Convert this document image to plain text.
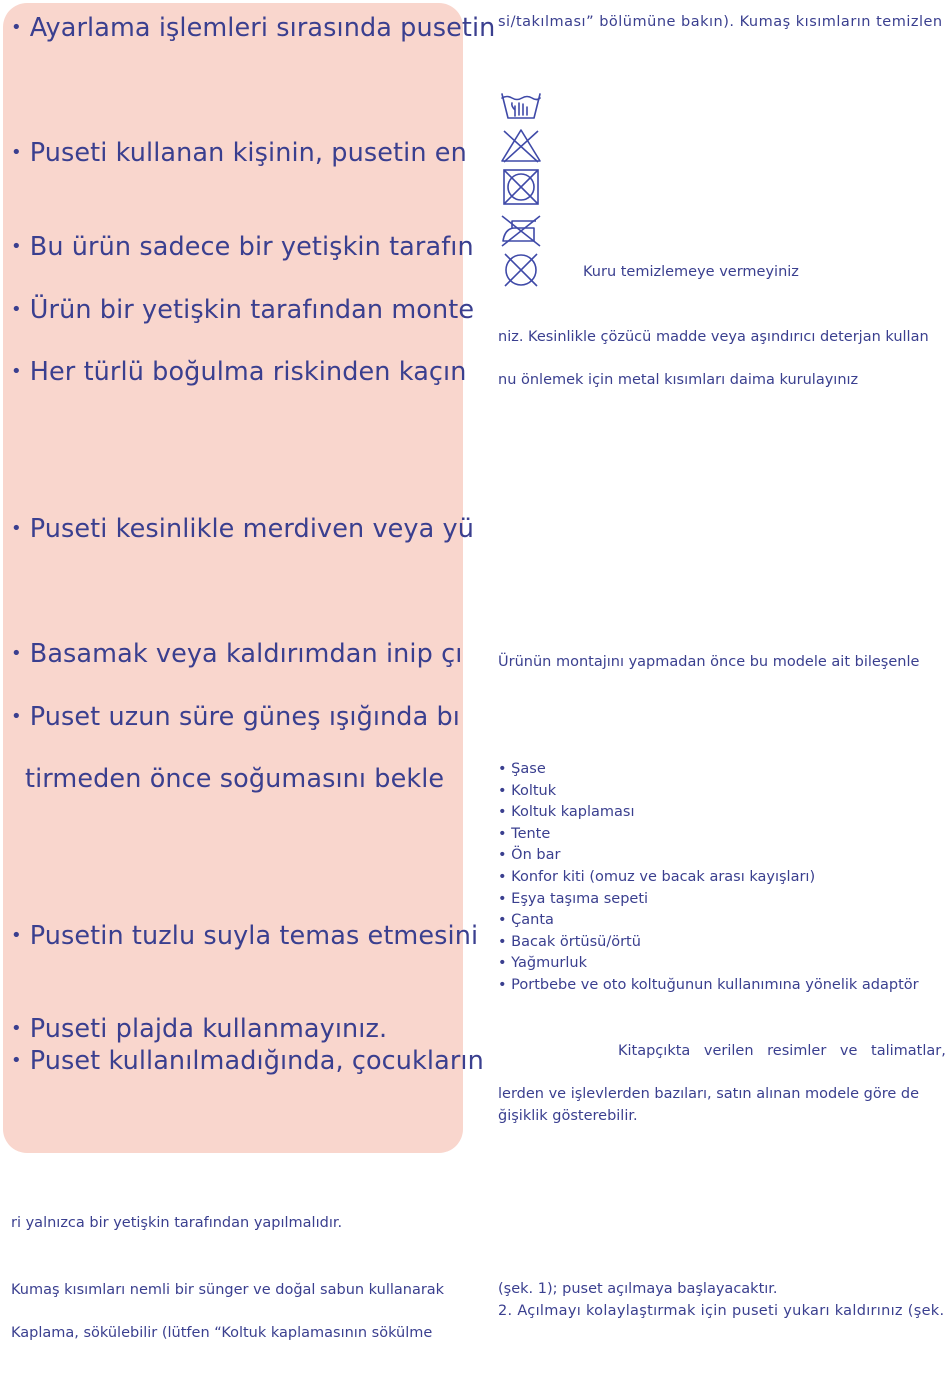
• Ayarlama işlemleri sırasında pusetin

• Puseti kullanan kişinin, pusetin en

• Bu ürün sadece bir yetişkin tarafın

• Ürün bir yetişkin tarafından monte

• Her türlü boğulma riskinden kaçın

• Puseti kesinlikle merdiven veya yü

• Basamak veya kaldırımdan inip çı

• Puset uzun süre güneş ışığında bı

tirmeden önce soğumasını bekle

• Pusetin tuzlu suyla temas etmesini

• Puseti plajda kullanmayınız.

• Puset kullanılmadığında, çocukların

si/takılması” bölümüne bakın). Kumaş kısımların temizlen

Kuru temizlemeye vermeyiniz

niz. Kesinlikle çözücü madde veya aşındırıcı deterjan kullan

nu önlemek için metal kısımları daima kurulayınız

Ürünün montajını yapmadan önce bu modele ait bileşenle

• Şase
• Koltuk
• Koltuk kaplaması
• Tente
• Ön bar
• Konfor kiti (omuz ve bacak arası kayışları)
• Eşya taşıma sepeti
• Çanta
• Bacak örtüsü/örtü
• Yağmurluk
• Portbebe ve oto koltuğunun kullanımına yönelik adaptör

Kitapçıkta verilen resimler ve talimatlar,

lerden ve işlevlerden bazıları, satın alınan modele göre de

ğişiklik gösterebilir.

ri yalnızca bir yetişkin tarafından yapılmalıdır.

Kumaş kısımları nemli bir sünger ve doğal sabun kullanarak

Kaplama, sökülebilir (lütfen “Koltuk kaplamasının sökülme

(şek. 1); puset açılmaya başlayacaktır.

2. Açılmayı kolaylaştırmak için puseti yukarı kaldırınız (şek.
